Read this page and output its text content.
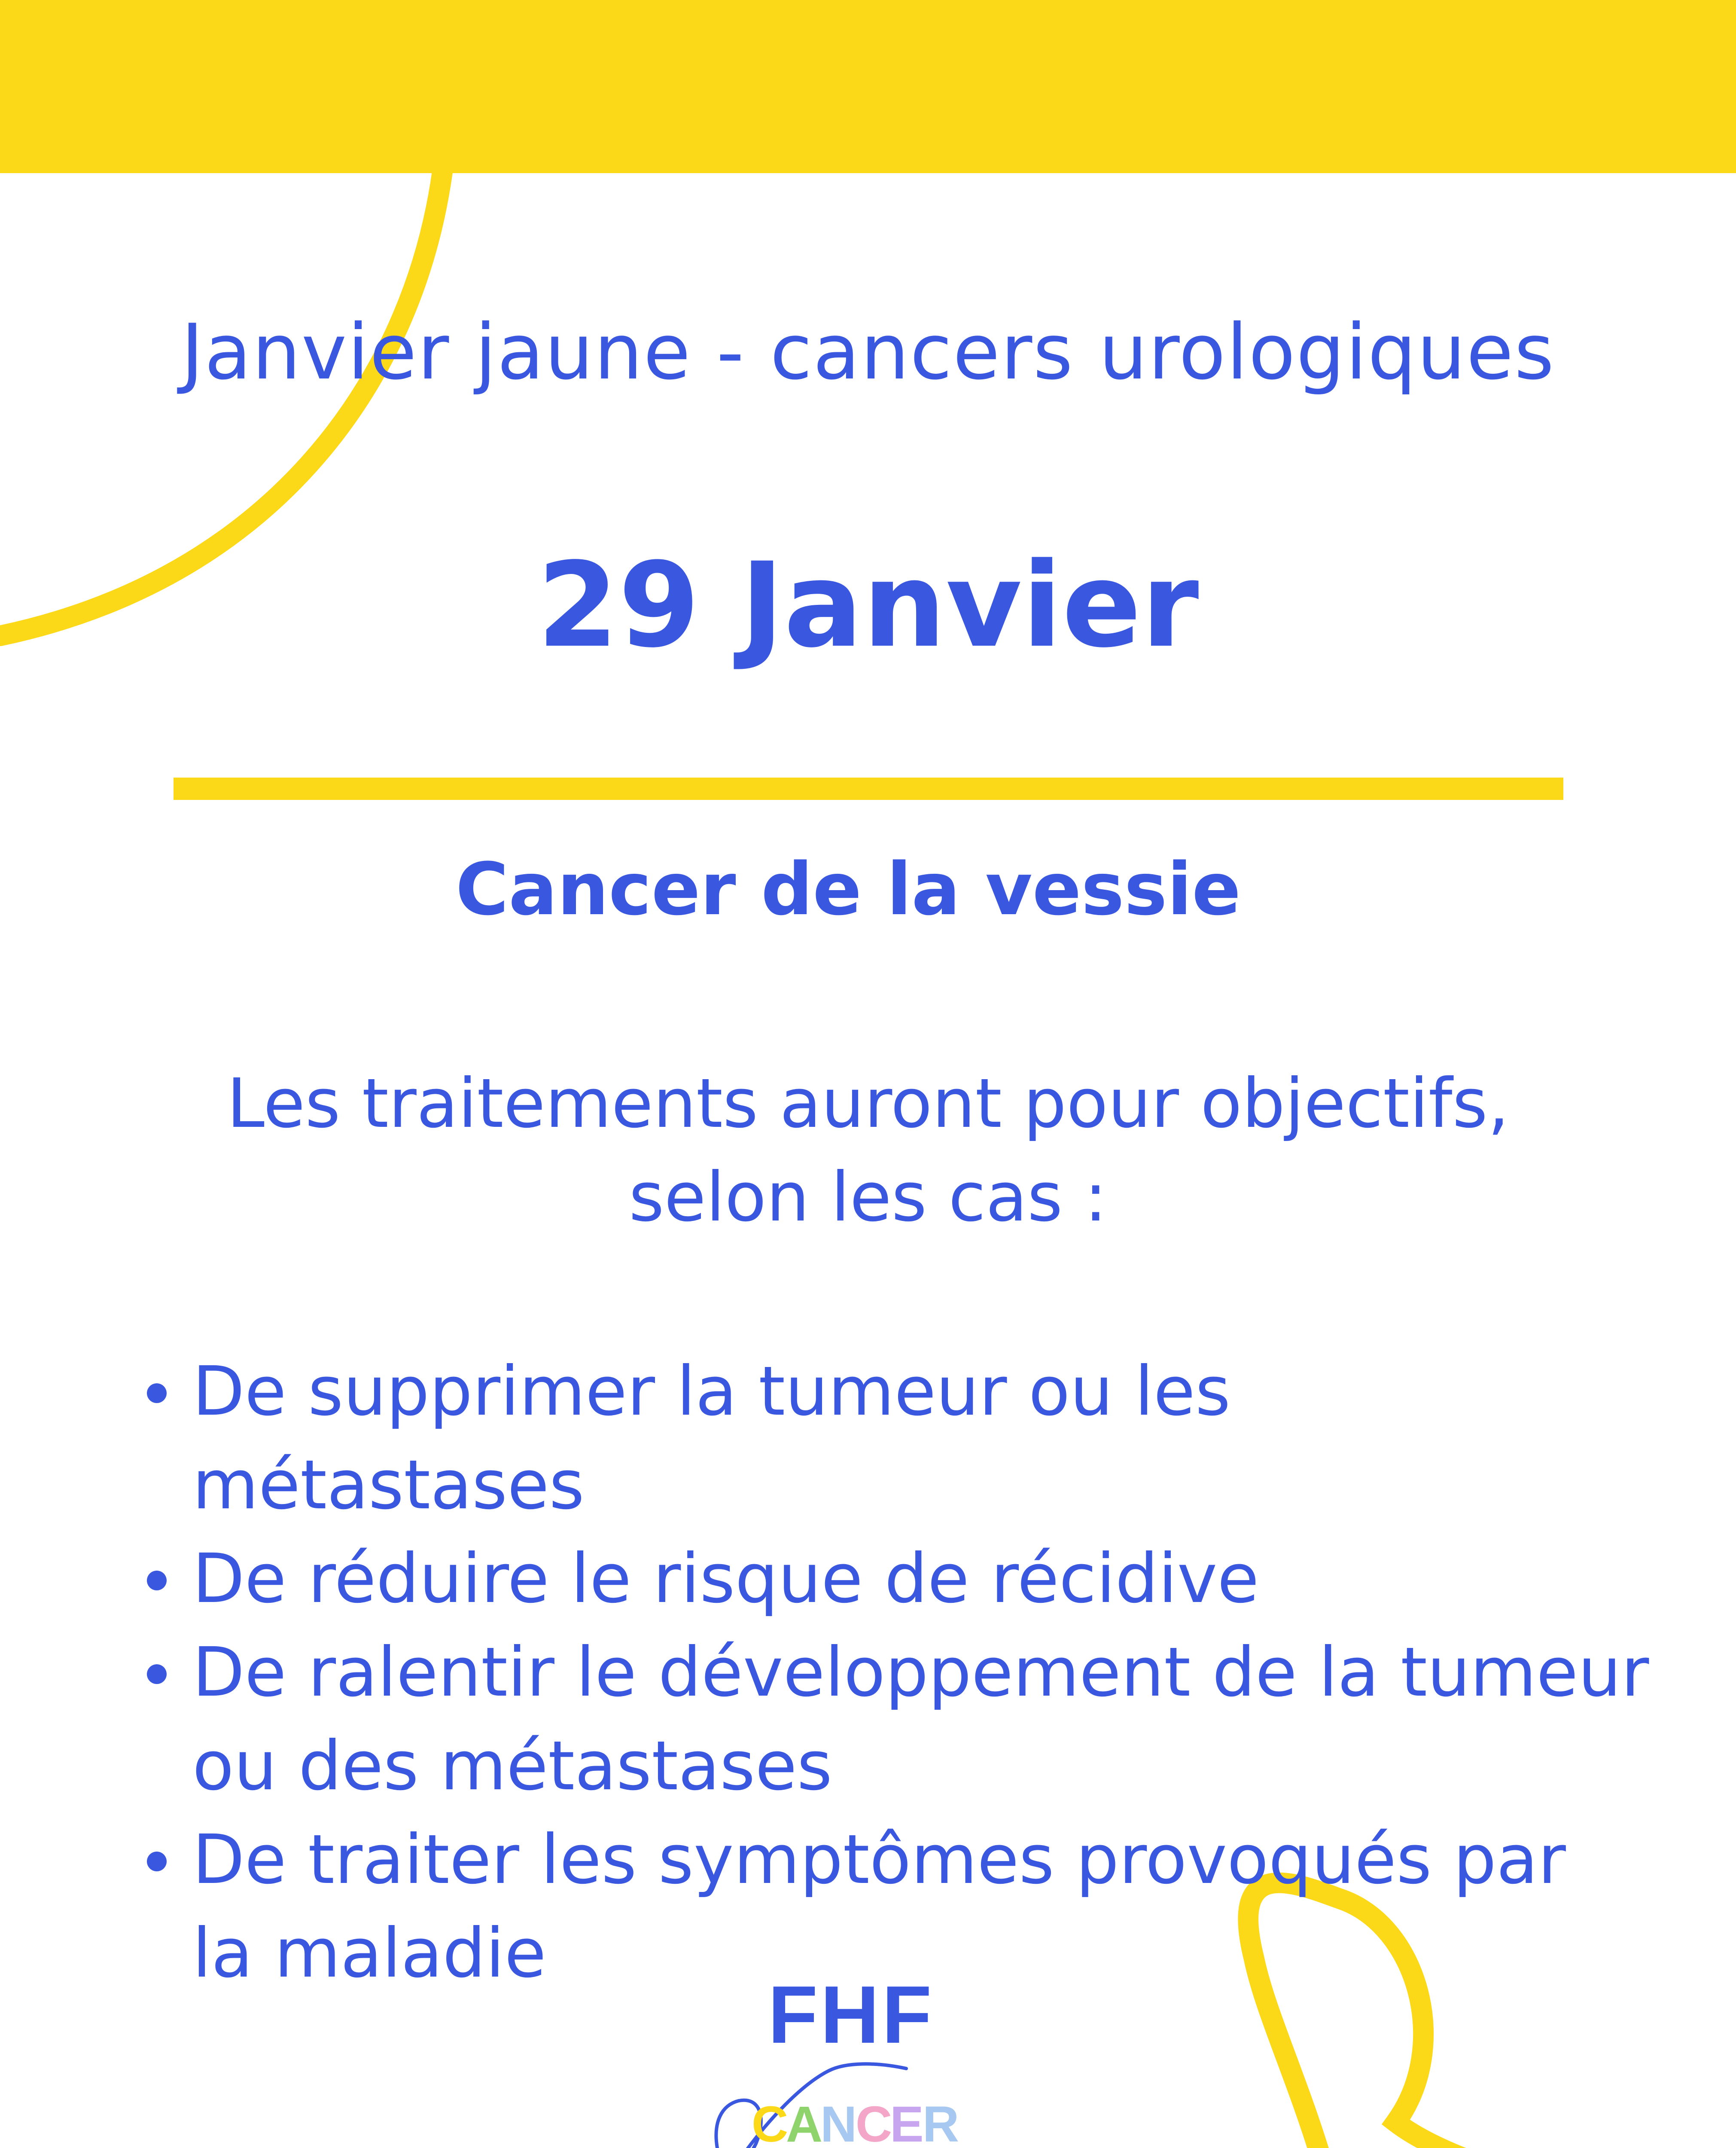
Janvier jaune - cancers urologiques
29 Janvier
Cancer de la vessie
Les traitements auront pour objectifs,
selon les cas :
De supprimer la tumeur ou les
métastases
De réduire le risque de récidive
De ralentir le développement de la tumeur
ou des métastases
De traiter les symptômes provoqués par
la maladie
FHF
C A N C E R
